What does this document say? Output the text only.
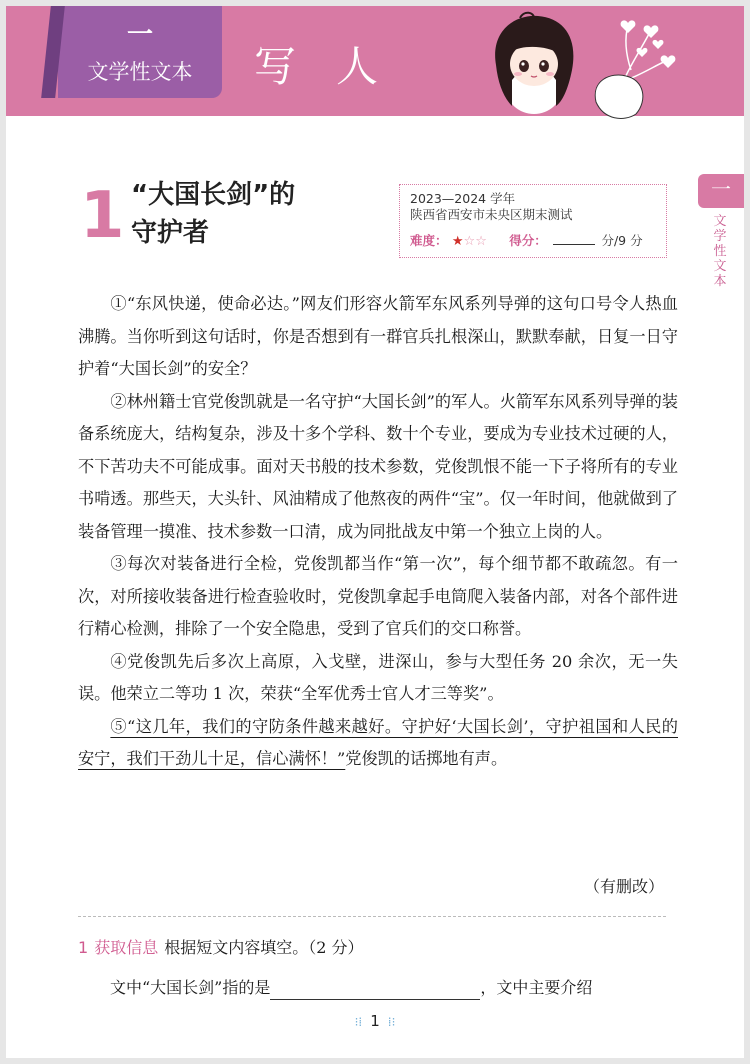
一
文学性文本	写人
一
文学性文本
1 “大国长剑”的
守护者
2023—2024 学年
陕西省西安市未央区期末测试
难度： ★☆☆ 得分：	分/9 分

①“东风快递，使命必达。”网友们形容火箭军东风系列导弹的这句口号令人热血沸腾。当你听到这句话时，你是否想到有一群官兵扎根深山，默默奉献，日复一日守护着“大国长剑”的安全？

②林州籍士官党俊凯就是一名守护“大国长剑”的军人。火箭军东风系列导弹的装备系统庞大，结构复杂，涉及十多个学科、数十个专业，要成为专业技术过硬的人，不下苦功夫不可能成事。面对天书般的技术参数，党俊凯恨不能一下子将所有的专业书啃透。那些天，大头针、风油精成了他熬夜的两件“宝”。仅一年时间，他就做到了装备管理一摸准、技术参数一口清，成为同批战友中第一个独立上岗的人。

③每次对装备进行全检，党俊凯都当作“第一次”，每个细节都不敢疏忽。有一次，对所接收装备进行检查验收时，党俊凯拿起手电筒爬入装备内部，对各个部件进行精心检测，排除了一个安全隐患，受到了官兵们的交口称誉。

④党俊凯先后多次上高原，入戈壁，进深山，参与大型任务 20 余次，无一失误。他荣立二等功 1 次，荣获“全军优秀士官人才三等奖”。

⑤“这几年，我们的守防条件越来越好。守护好‘大国长剑’，守护祖国和人民的安宁，我们干劲儿十足，信心满怀！”党俊凯的话掷地有声。

（有删改）
1 获取信息 根据短文内容填空。（2 分）
文中“大国长剑”指的是	，文中主要介绍
⁝⁞ 1 ⁞⁝
